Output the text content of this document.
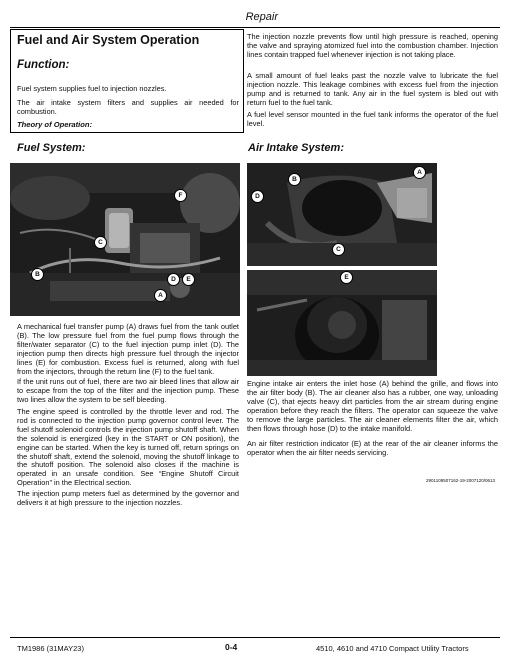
Repair
Fuel and Air System Operation
Function:
Fuel system supplies fuel to injection nozzles.
The air intake system filters and supplies air needed for combustion.
Theory of Operation:
The injection nozzle prevents flow until high pressure is reached, opening the valve and spraying atomized fuel into the combustion chamber. Injection lines contain trapped fuel whenever injection is not taking place.
A small amount of fuel leaks past the nozzle valve to lubricate the fuel injection nozzle. This leakage combines with excess fuel from the injection pump and is returned to tank. Any air in the fuel system is bled out with return fuel to the fuel tank.
A fuel level sensor mounted in the fuel tank informs the operator of the fuel level.
Fuel System:	Air Intake System:
F
C
B
D	E
A
B
A
D
C
E
A mechanical fuel transfer pump (A) draws fuel from the tank outlet (B). The low pressure fuel from the fuel pump flows through the filter/water separator (C) to the fuel injection pump inlet (D). The injection pump then directs high pressure fuel through the injector lines (E) for combustion. Excess fuel is returned, along with fuel from the injectors, through the return line (F) to the fuel tank.
If the unit runs out of fuel, there are two air bleed lines that allow air to escape from the top of the filter and the injection pump. These two lines allow the system to be self bleeding.
The engine speed is controlled by the throttle lever and rod. The rod is connected to the injection pump governor control lever. The fuel shutoff solenoid controls the injection pump shutoff shaft. When the solenoid is energized (key in the START or ON position), the engine can be started. When the key is turned off, return springs on the shutoff shaft, extend the solenoid, moving the shutoff linkage to the shutoff position. The solenoid also closes if the machine is operated in an unsafe condition. See “Engine Shutoff Circuit Operation” in the Electrical section.
The injection pump meters fuel as determined by the governor and delivers it at high pressure to the injection nozzles.
Engine intake air enters the inlet hose (A) behind the grille, and flows into the air filter body (B). The air cleaner also has a rubber, one way, unloading valve (C), that ejects heavy dirt particles from the air stream during engine operation before they reach the filters. The operator can squeeze the valve to remove the large particles. The air cleaner elements filter the air, which then flows through hose (D) to the intake manifold.
An air filter restriction indicator (E) at the rear of the air cleaner informs the operator when the air filter needs servicing.
2901109507162-19-2007120/0613
TM1986 (31MAY23)	0-4	4510, 4610 and 4710 Compact Utility Tractors
